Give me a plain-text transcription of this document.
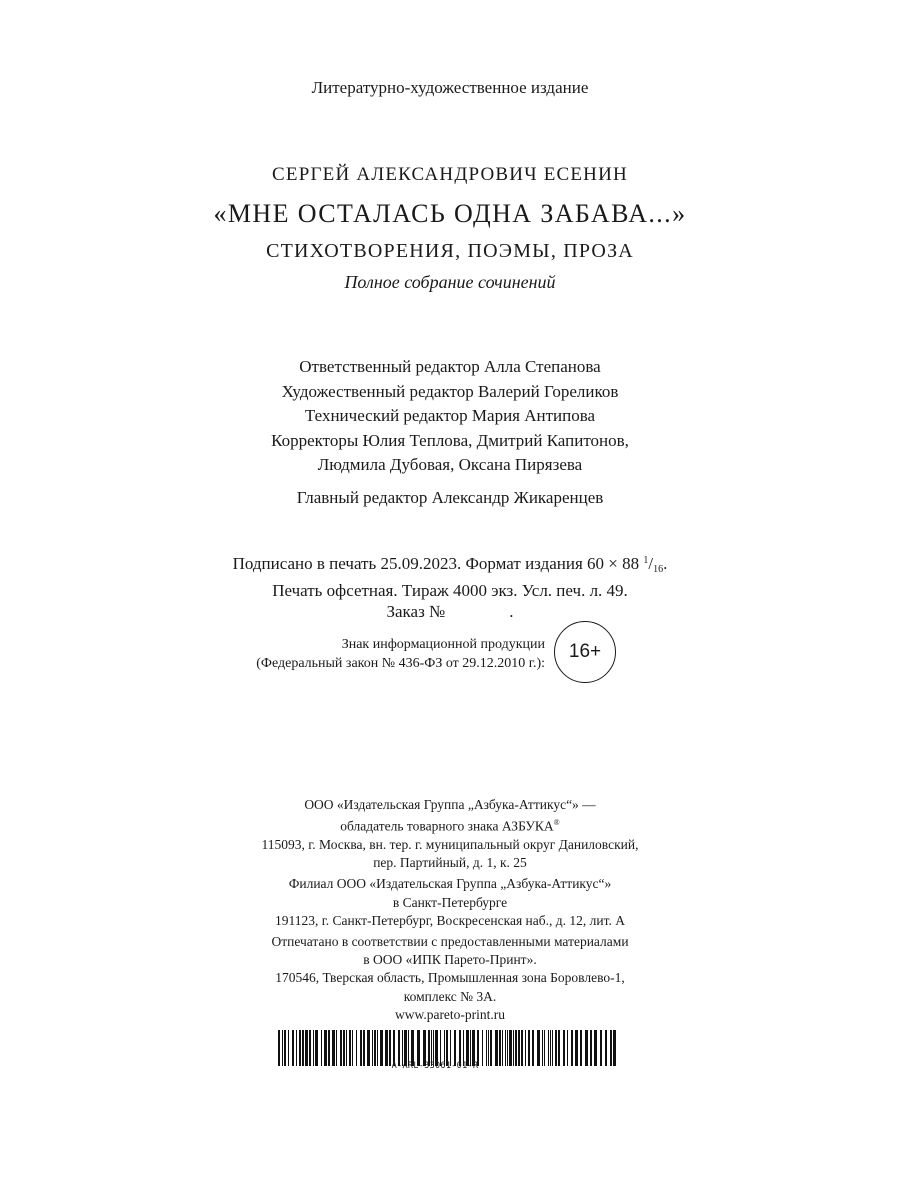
Литературно-художественное издание
СЕРГЕЙ АЛЕКСАНДРОВИЧ ЕСЕНИН
«МНЕ ОСТАЛАСЬ ОДНА ЗАБАВА...»
СТИХОТВОРЕНИЯ, ПОЭМЫ, ПРОЗА
Полное собрание сочинений
Ответственный редактор Алла Степанова
Художественный редактор Валерий Гореликов
Технический редактор Мария Антипова
Корректоры Юлия Теплова, Дмитрий Капитонов,
Людмила Дубовая, Оксана Пирязева
Главный редактор Александр Жикаренцев
Подписано в печать 25.09.2023. Формат издания 60 × 88 $^1$/16.
Печать офсетная. Тираж 4000 экз. Усл. печ. л. 49.
Заказ №	.
Знак информационной продукции
(Федеральный закон № 436-ФЗ от 29.12.2010 г.):
16+
ООО «Издательская Группа „Азбука-Аттикус“» —
обладатель товарного знака АЗБУКА®
115093, г. Москва, вн. тер. г. муниципальный округ Даниловский,
пер. Партийный, д. 1, к. 25
Филиал ООО «Издательская Группа „Азбука-Аттикус“»
в Санкт-Петербурге
191123, г. Санкт-Петербург, Воскресенская наб., д. 12, лит. А
Отпечатано в соответствии с предоставленными материалами
в ООО «ИПК Парето-Принт».
170546, Тверская область, Промышленная зона Боровлево-1,
комплекс № 3А.
www.pareto-print.ru
A-ARL-33061-01-R
